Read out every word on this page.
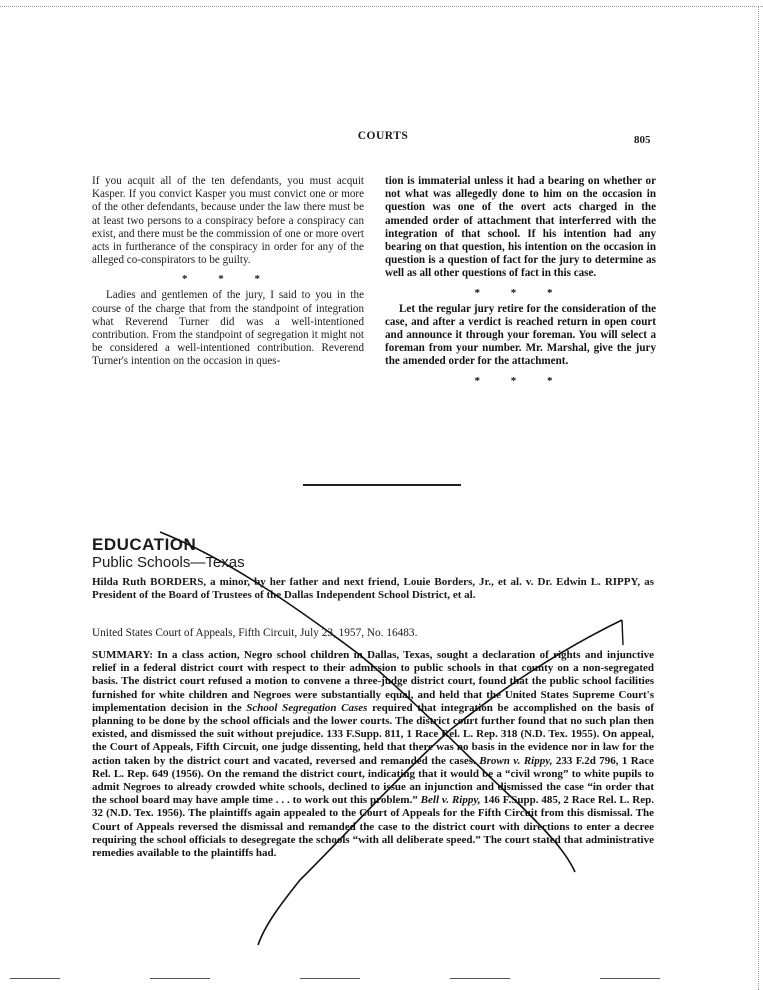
COURTS	805

If you acquit all of the ten defendants, you must acquit Kasper. If you convict Kasper you must convict one or more of the other defendants, because under the law there must be at least two persons to a conspiracy before a conspiracy can exist, and there must be the commission of one or more overt acts in furtherance of the conspiracy in order for any of the alleged co-conspirators to be guilty.

* * *

Ladies and gentlemen of the jury, I said to you in the course of the charge that from the standpoint of integration what Reverend Turner did was a well-intentioned contribution. From the standpoint of segregation it might not be considered a well-intentioned contribution. Reverend Turner's intention on the occasion in ques-

tion is immaterial unless it had a bearing on whether or not what was allegedly done to him on the occasion in question was one of the overt acts charged in the amended order of attachment that interferred with the integration of that school. If his intention had any bearing on that question, his intention on the occasion in question is a question of fact for the jury to determine as well as all other questions of fact in this case.

* * *

Let the regular jury retire for the consideration of the case, and after a verdict is reached return in open court and announce it through your foreman. You will select a foreman from your number. Mr. Marshal, give the jury the amended order for the attachment.

* * *
EDUCATION
Public Schools—Texas
Hilda Ruth BORDERS, a minor, by her father and next friend, Louie Borders, Jr., et al. v. Dr. Edwin L. RIPPY, as President of the Board of Trustees of the Dallas Independent School District, et al.
United States Court of Appeals, Fifth Circuit, July 23, 1957, No. 16483.
SUMMARY: In a class action, Negro school children in Dallas, Texas, sought a declaration of rights and injunctive relief in a federal district court with respect to their admission to public schools in that county on a non-segregated basis. The district court refused a motion to convene a three-judge district court, found that the public school facilities furnished for white children and Negroes were substantially equal, and held that the United States Supreme Court's implementation decision in the School Segregation Cases required that integration be accomplished on the basis of planning to be done by the school officials and the lower courts. The district court further found that no such plan then existed, and dismissed the suit without prejudice. 133 F.Supp. 811, 1 Race Rel. L. Rep. 318 (N.D. Tex. 1955). On appeal, the Court of Appeals, Fifth Circuit, one judge dissenting, held that there was no basis in the evidence nor in law for the action taken by the district court and vacated, reversed and remanded the cases. Brown v. Rippy, 233 F.2d 796, 1 Race Rel. L. Rep. 649 (1956). On the remand the district court, indicating that it would be a “civil wrong” to white pupils to admit Negroes to already crowded white schools, declined to issue an injunction and dismissed the case “in order that the school board may have ample time . . . to work out this problem.” Bell v. Rippy, 146 F.Supp. 485, 2 Race Rel. L. Rep. 32 (N.D. Tex. 1956). The plaintiffs again appealed to the Court of Appeals for the Fifth Circuit from this dismissal. The Court of Appeals reversed the dismissal and remanded the case to the district court with directions to enter a decree requiring the school officials to desegregate the schools “with all deliberate speed.” The court stated that administrative remedies available to the plaintiffs had.
